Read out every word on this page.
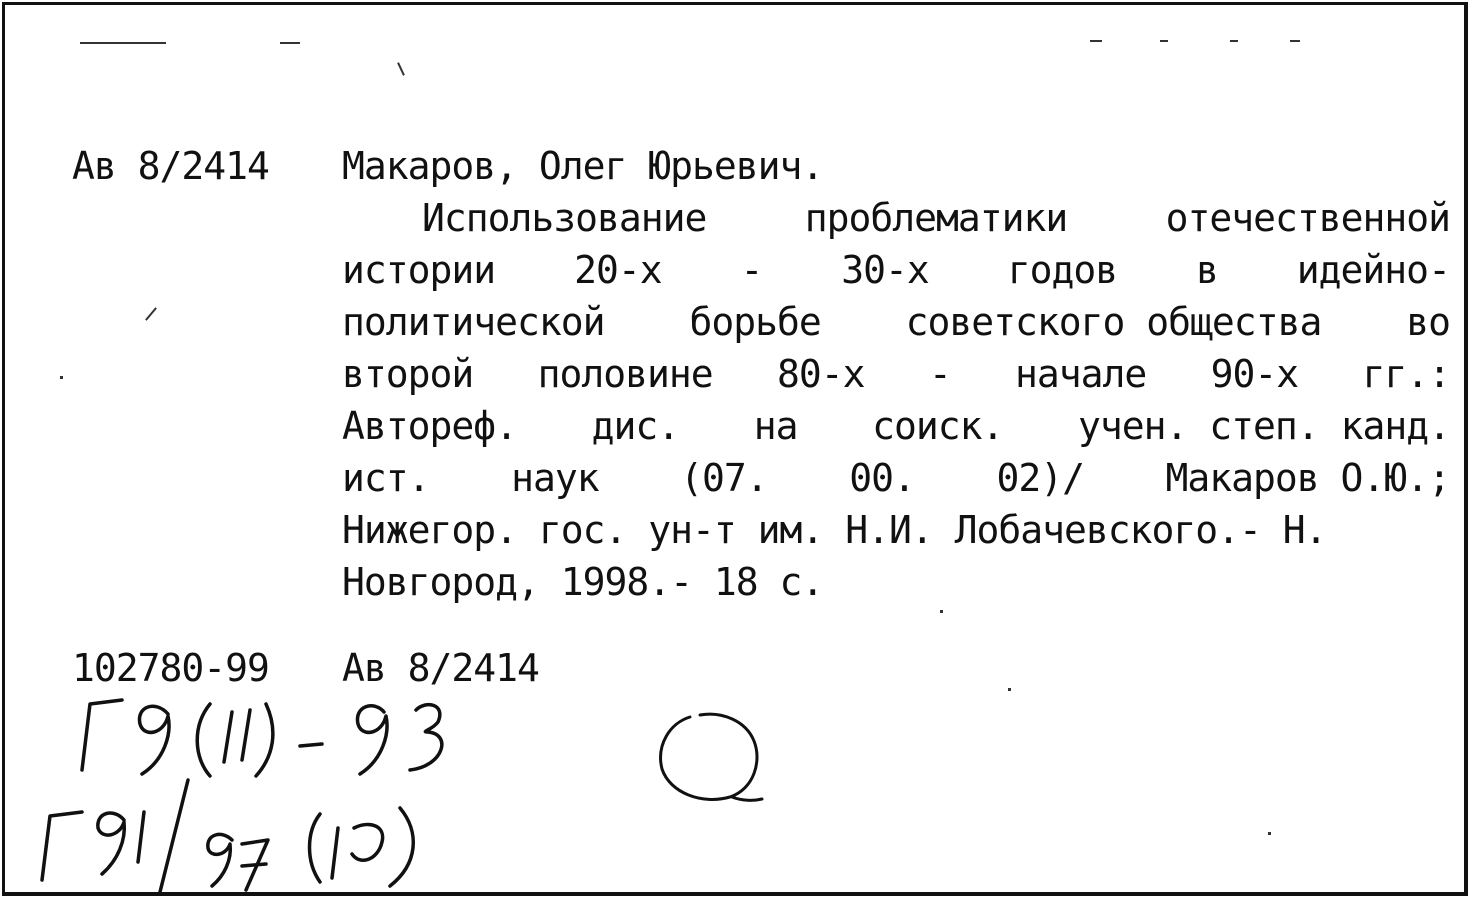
Ав 8/2414 Макаров, Олег Юрьевич.
Использование	проблематики	отечественной
истории 20-х - 30-х годов в идейно-
политической борьбе советского общества во
второй половине 80-х - начале 90-х гг.:
Автореф. дис. на соиск. учен. степ. канд.
ист. наук (07. 00. 02)/ Макаров О.Ю.;
Нижегор. гос. ун-т им. Н.И. Лобачевского.- Н.
Новгород, 1998.- 18 с.
102780-99 Ав 8/2414
